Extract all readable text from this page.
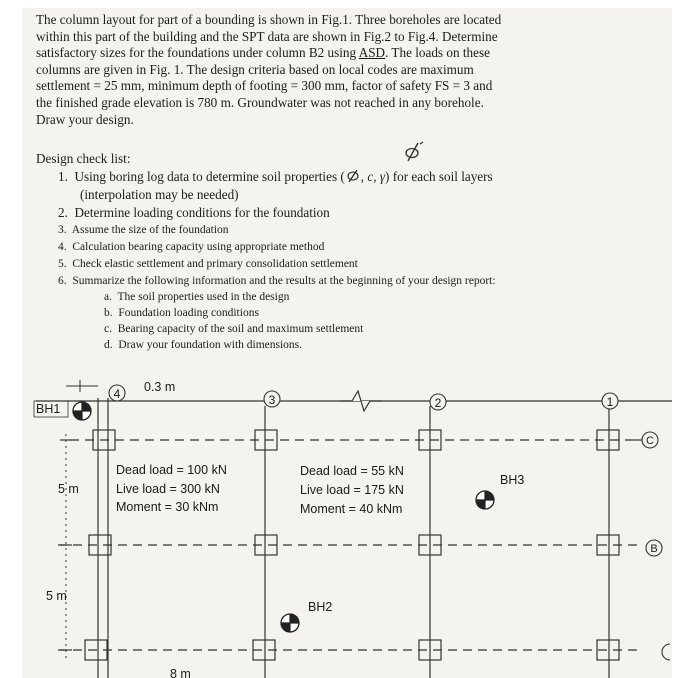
The column layout for part of a bounding is shown in Fig.1. Three boreholes are located
within this part of the building and the SPT data are shown in Fig.2 to Fig.4. Determine
satisfactory sizes for the foundations under column B2 using ASD. The loads on these
columns are given in Fig. 1. The design criteria based on local codes are maximum
settlement = 25 mm, minimum depth of footing = 300 mm, factor of safety FS = 3 and
the finished grade elevation is 780 m. Groundwater was not reached in any borehole.
Draw your design.
Design check list:
1. Using boring log data to determine soil properties ( , c, γ) for each soil layers
(interpolation may be needed)
2. Determine loading conditions for the foundation
3. Assume the size of the foundation
4. Calculation bearing capacity using appropriate method
5. Check elastic settlement and primary consolidation settlement
6. Summarize the following information and the results at the beginning of your design report:
a. The soil properties used in the design
b. Foundation loading conditions
c. Bearing capacity of the soil and maximum settlement
d. Draw your foundation with dimensions.
4	3	2	1
C
B
0.3 m
5 m
5 m
8 m
BH1
BH2
BH3
Dead load = 100 kN
Live load = 300 kN
Moment = 30 kNm
Dead load = 55 kN
Live load = 175 kN
Moment = 40 kNm
